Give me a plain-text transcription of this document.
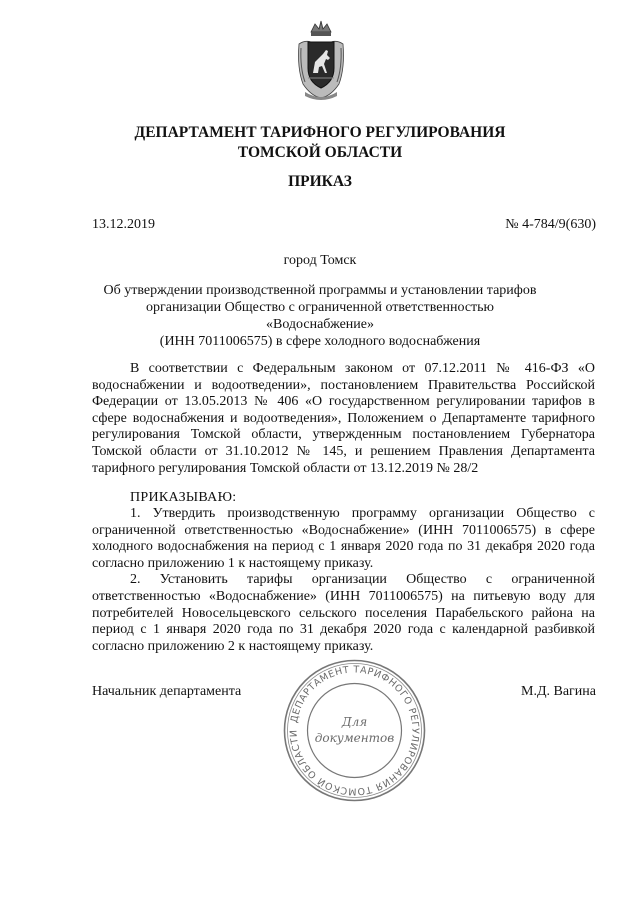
ДЕПАРТАМЕНТ ТАРИФНОГО РЕГУЛИРОВАНИЯ
ТОМСКОЙ ОБЛАСТИ
ПРИКАЗ
13.12.2019	№ 4-784/9(630)
город Томск
Об утверждении производственной программы и установлении тарифов
организации Общество с ограниченной ответственностью «Водоснабжение»
(ИНН 7011006575) в сфере холодного водоснабжения

В соответствии с Федеральным законом от 07.12.2011 № 416-ФЗ «О водоснабжении и водоотведении», постановлением Правительства Российской Федерации от 13.05.2013 № 406 «О государственном регулировании тарифов в сфере водоснабжения и водоотведения», Положением о Департаменте тарифного регулирования Томской области, утвержденным постановлением Губернатора Томской области от 31.10.2012 № 145, и решением Правления Департамента тарифного регулирования Томской области от 13.12.2019 № 28/2

ПРИКАЗЫВАЮ:

1. Утвердить производственную программу организации Общество с ограниченной ответственностью «Водоснабжение» (ИНН 7011006575) в сфере холодного водоснабжения на период с 1 января 2020 года по 31 декабря 2020 года согласно приложению 1 к настоящему приказу.

2. Установить тарифы организации Общество с ограниченной ответственностью «Водоснабжение» (ИНН 7011006575) на питьевую воду для потребителей Новосельцевского сельского поселения Парабельского района на период с 1 января 2020 года по 31 декабря 2020 года с календарной разбивкой согласно приложению 2 к настоящему приказу.

Начальник департамента	М.Д. Вагина
ДЕПАРТАМЕНТ ТАРИФНОГО РЕГУЛИРОВАНИЯ ТОМСКОЙ ОБЛАСТИ
Для
документов
